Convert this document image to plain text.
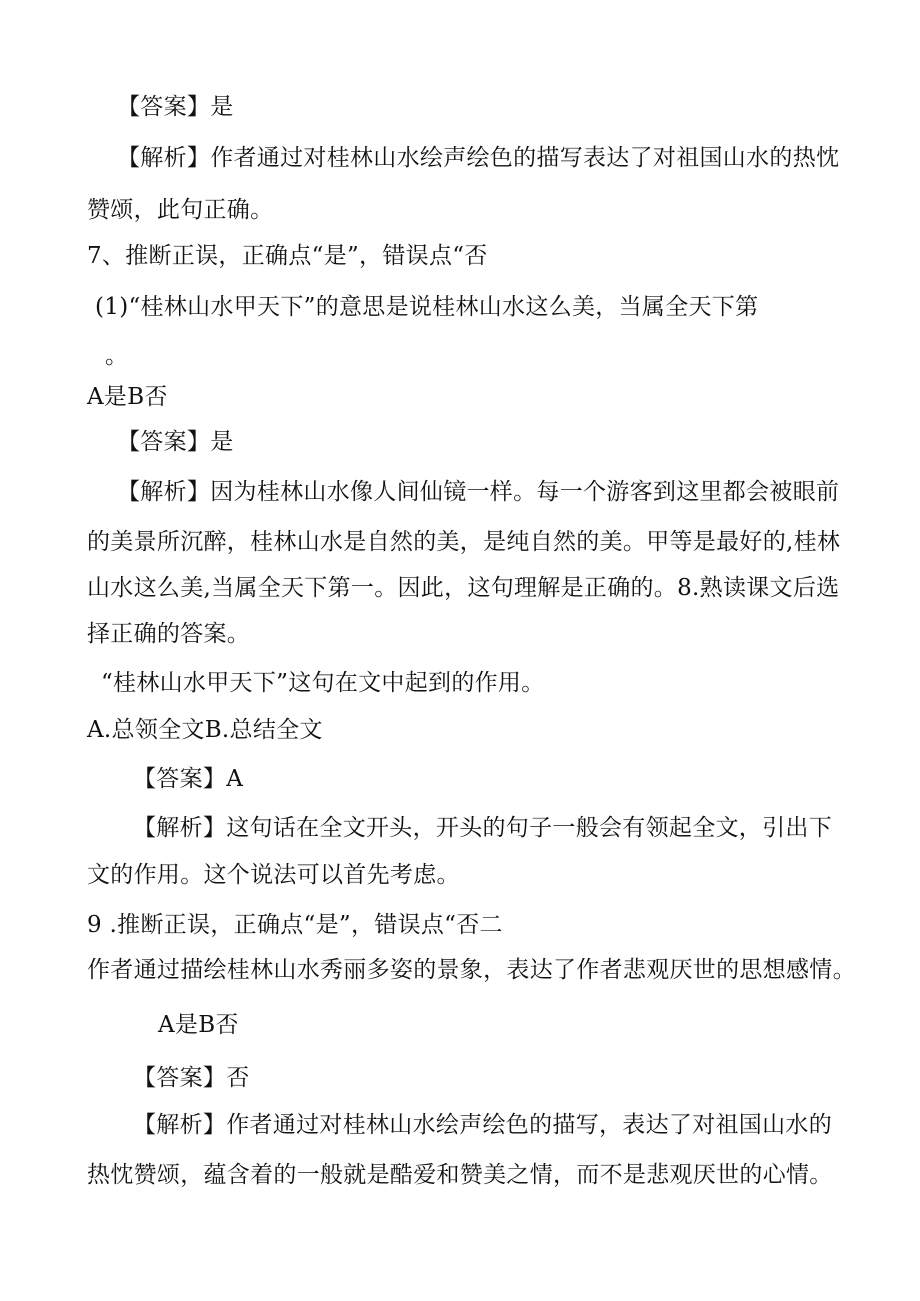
【答案】是
【解析】作者通过对桂林山水绘声绘色的描写表达了对祖国山水的热忱
赞颂，此句正确。
7、推断正误，正确点“是”，错误点“否
(1)“桂林山水甲天下”的意思是说桂林山水这么美，当属全天下第
。
A是B否
【答案】是
【解析】因为桂林山水像人间仙镜一样。每一个游客到这里都会被眼前
的美景所沉醉，桂林山水是自然的美，是纯自然的美。甲等是最好的,桂林
山水这么美,当属全天下第一。因此，这句理解是正确的。8.熟读课文后选
择正确的答案。
“桂林山水甲天下”这句在文中起到的作用。
A.总领全文B.总结全文
【答案】A
【解析】这句话在全文开头，开头的句子一般会有领起全文，引出下
文的作用。这个说法可以首先考虑。
9 .推断正误，正确点“是”，错误点“否二
作者通过描绘桂林山水秀丽多姿的景象，表达了作者悲观厌世的思想感情。
A是B否
【答案】否
【解析】作者通过对桂林山水绘声绘色的描写，表达了对祖国山水的
热忱赞颂，蕴含着的一般就是酷爱和赞美之情，而不是悲观厌世的心情。
